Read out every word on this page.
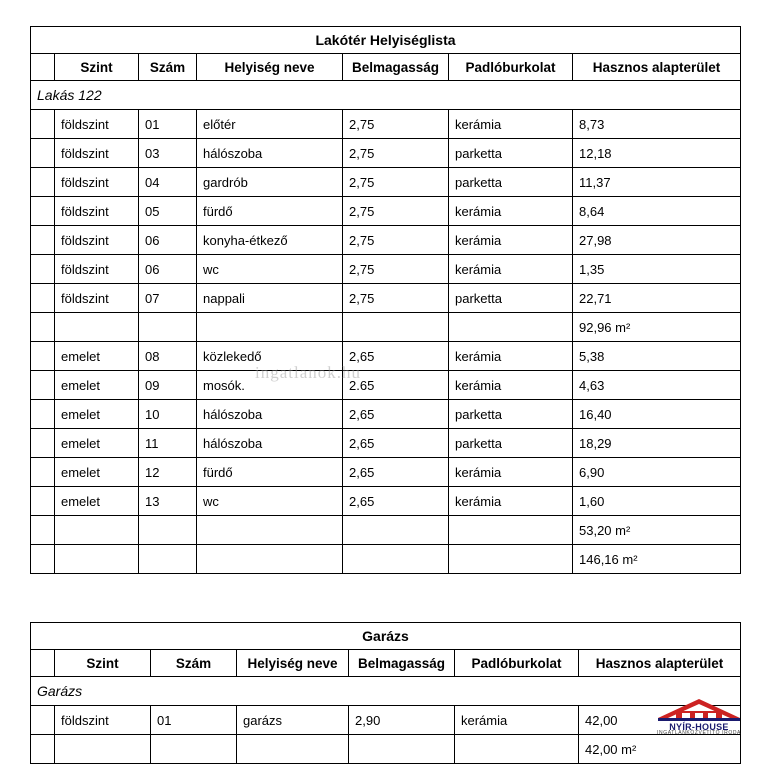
Lakótér Helyiséglista						
	Szint	Szám	Helyiség neve	Belmagasság	Padlóburkolat	Hasznos alapterület
Lakás 122						
	földszint	01	előtér	2,75	kerámia	8,73
	földszint	03	hálószoba	2,75	parketta	12,18
	földszint	04	gardrób	2,75	parketta	11,37
	földszint	05	fürdő	2,75	kerámia	8,64
	földszint	06	konyha-étkező	2,75	kerámia	27,98
	földszint	06	wc	2,75	kerámia	1,35
	földszint	07	nappali	2,75	parketta	22,71
						92,96 m²
	emelet	08	közlekedő	2,65	kerámia	5,38
	emelet	09	mosók.	2.65	kerámia	4,63
	emelet	10	hálószoba	2,65	parketta	16,40
	emelet	11	hálószoba	2,65	parketta	18,29
	emelet	12	fürdő	2,65	kerámia	6,90
	emelet	13	wc	2,65	kerámia	1,60
						53,20 m²
						146,16 m²
Garázs						
	Szint	Szám	Helyiség neve	Belmagasság	Padlóburkolat	Hasznos alapterület
Garázs						
	földszint	01	garázs	2,90	kerámia	42,00
						42,00 m²
ingatlanok.hu
NYÍR-HOUSE
INGATLANKÖZVETÍTŐ IRODA
